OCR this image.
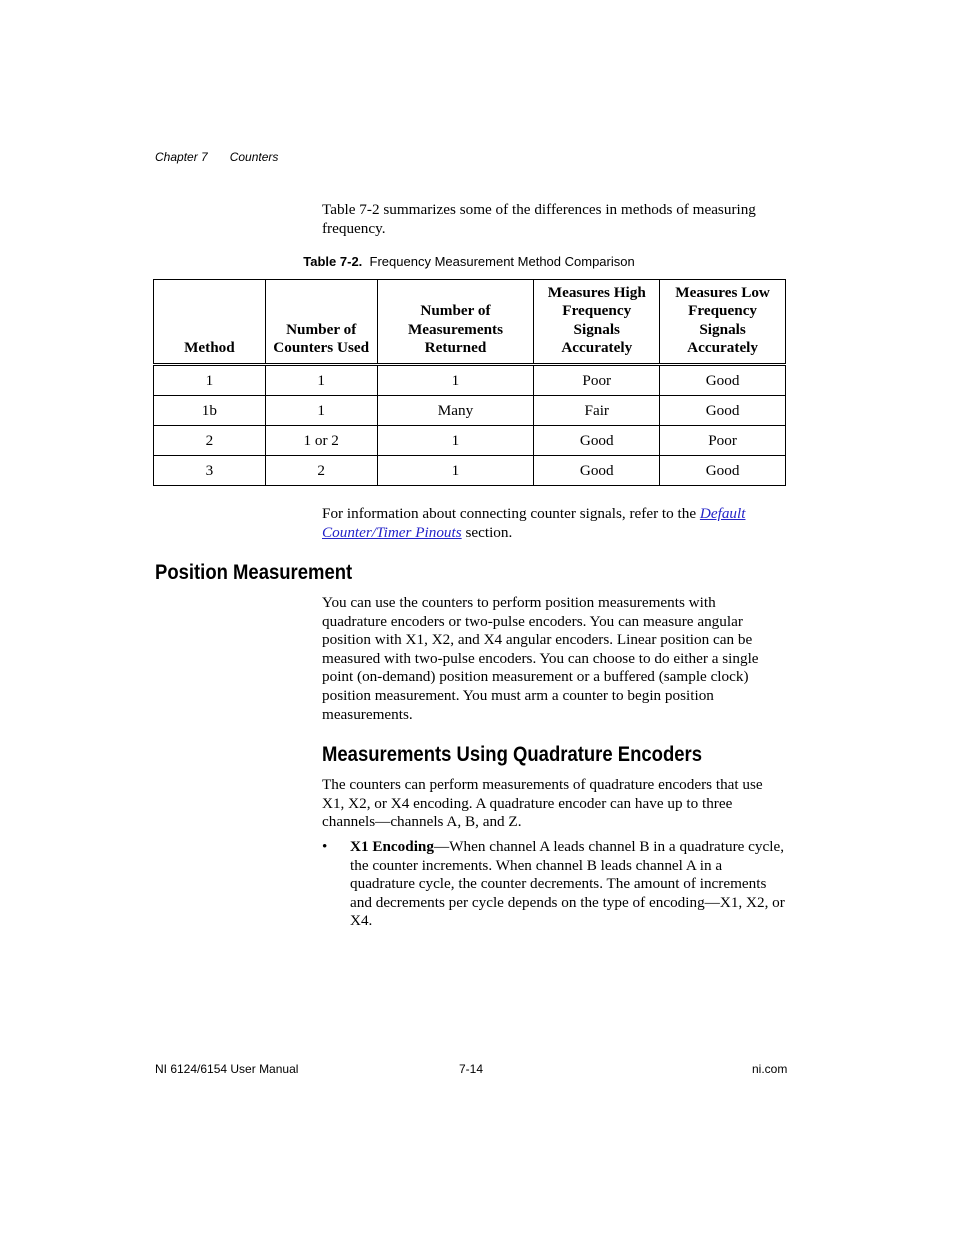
Chapter 7 Counters
Table 7-2 summarizes some of the differences in methods of measuring frequency.
Table 7-2. Frequency Measurement Method Comparison
Method	Number of Counters Used	Number of Measurements Returned	Measures High Frequency Signals Accurately	Measures Low Frequency Signals Accurately
1	1	1	Poor	Good
1b	1	Many	Fair	Good
2	1 or 2	1	Good	Poor
3	2	1	Good	Good
For information about connecting counter signals, refer to the Default Counter/Timer Pinouts section.
Position Measurement
You can use the counters to perform position measurements with quadrature encoders or two-pulse encoders. You can measure angular position with X1, X2, and X4 angular encoders. Linear position can be measured with two-pulse encoders. You can choose to do either a single point (on-demand) position measurement or a buffered (sample clock) position measurement. You must arm a counter to begin position measurements.
Measurements Using Quadrature Encoders
The counters can perform measurements of quadrature encoders that use X1, X2, or X4 encoding. A quadrature encoder can have up to three channels—channels A, B, and Z.
• X1 Encoding—When channel A leads channel B in a quadrature cycle, the counter increments. When channel B leads channel A in a quadrature cycle, the counter decrements. The amount of increments and decrements per cycle depends on the type of encoding—X1, X2, or X4.
NI 6124/6154 User Manual	7-14	ni.com
